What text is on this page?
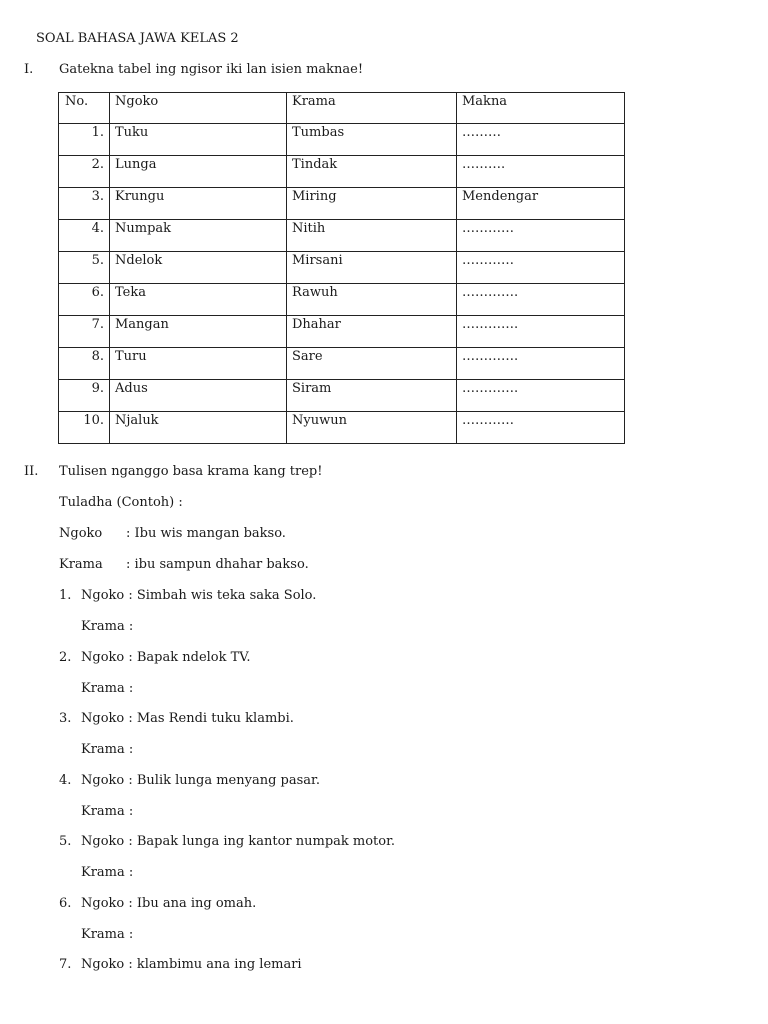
SOAL BAHASA JAWA KELAS 2
I. Gatekna tabel ing ngisor iki lan isien maknae!
No.	Ngoko	Krama	Makna
1.	Tuku	Tumbas	………
2.	Lunga	Tindak	……….
3.	Krungu	Miring	Mendengar
4.	Numpak	Nitih	…………
5.	Ndelok	Mirsani	…………
6.	Teka	Rawuh	………….
7.	Mangan	Dhahar	………….
8.	Turu	Sare	………….
9.	Adus	Siram	………….
10.	Njaluk	Nyuwun	…………
II. Tulisen nganggo basa krama kang trep!
Tuladha (Contoh) :
Ngoko : Ibu wis mangan bakso.
Krama : ibu sampun dhahar bakso.
1. Ngoko : Simbah wis teka saka Solo.
Krama :
2. Ngoko : Bapak ndelok TV.
Krama :
3. Ngoko : Mas Rendi tuku klambi.
Krama :
4. Ngoko : Bulik lunga menyang pasar.
Krama :
5. Ngoko : Bapak lunga ing kantor numpak motor.
Krama :
6. Ngoko : Ibu ana ing omah.
Krama :
7. Ngoko : klambimu ana ing lemari
